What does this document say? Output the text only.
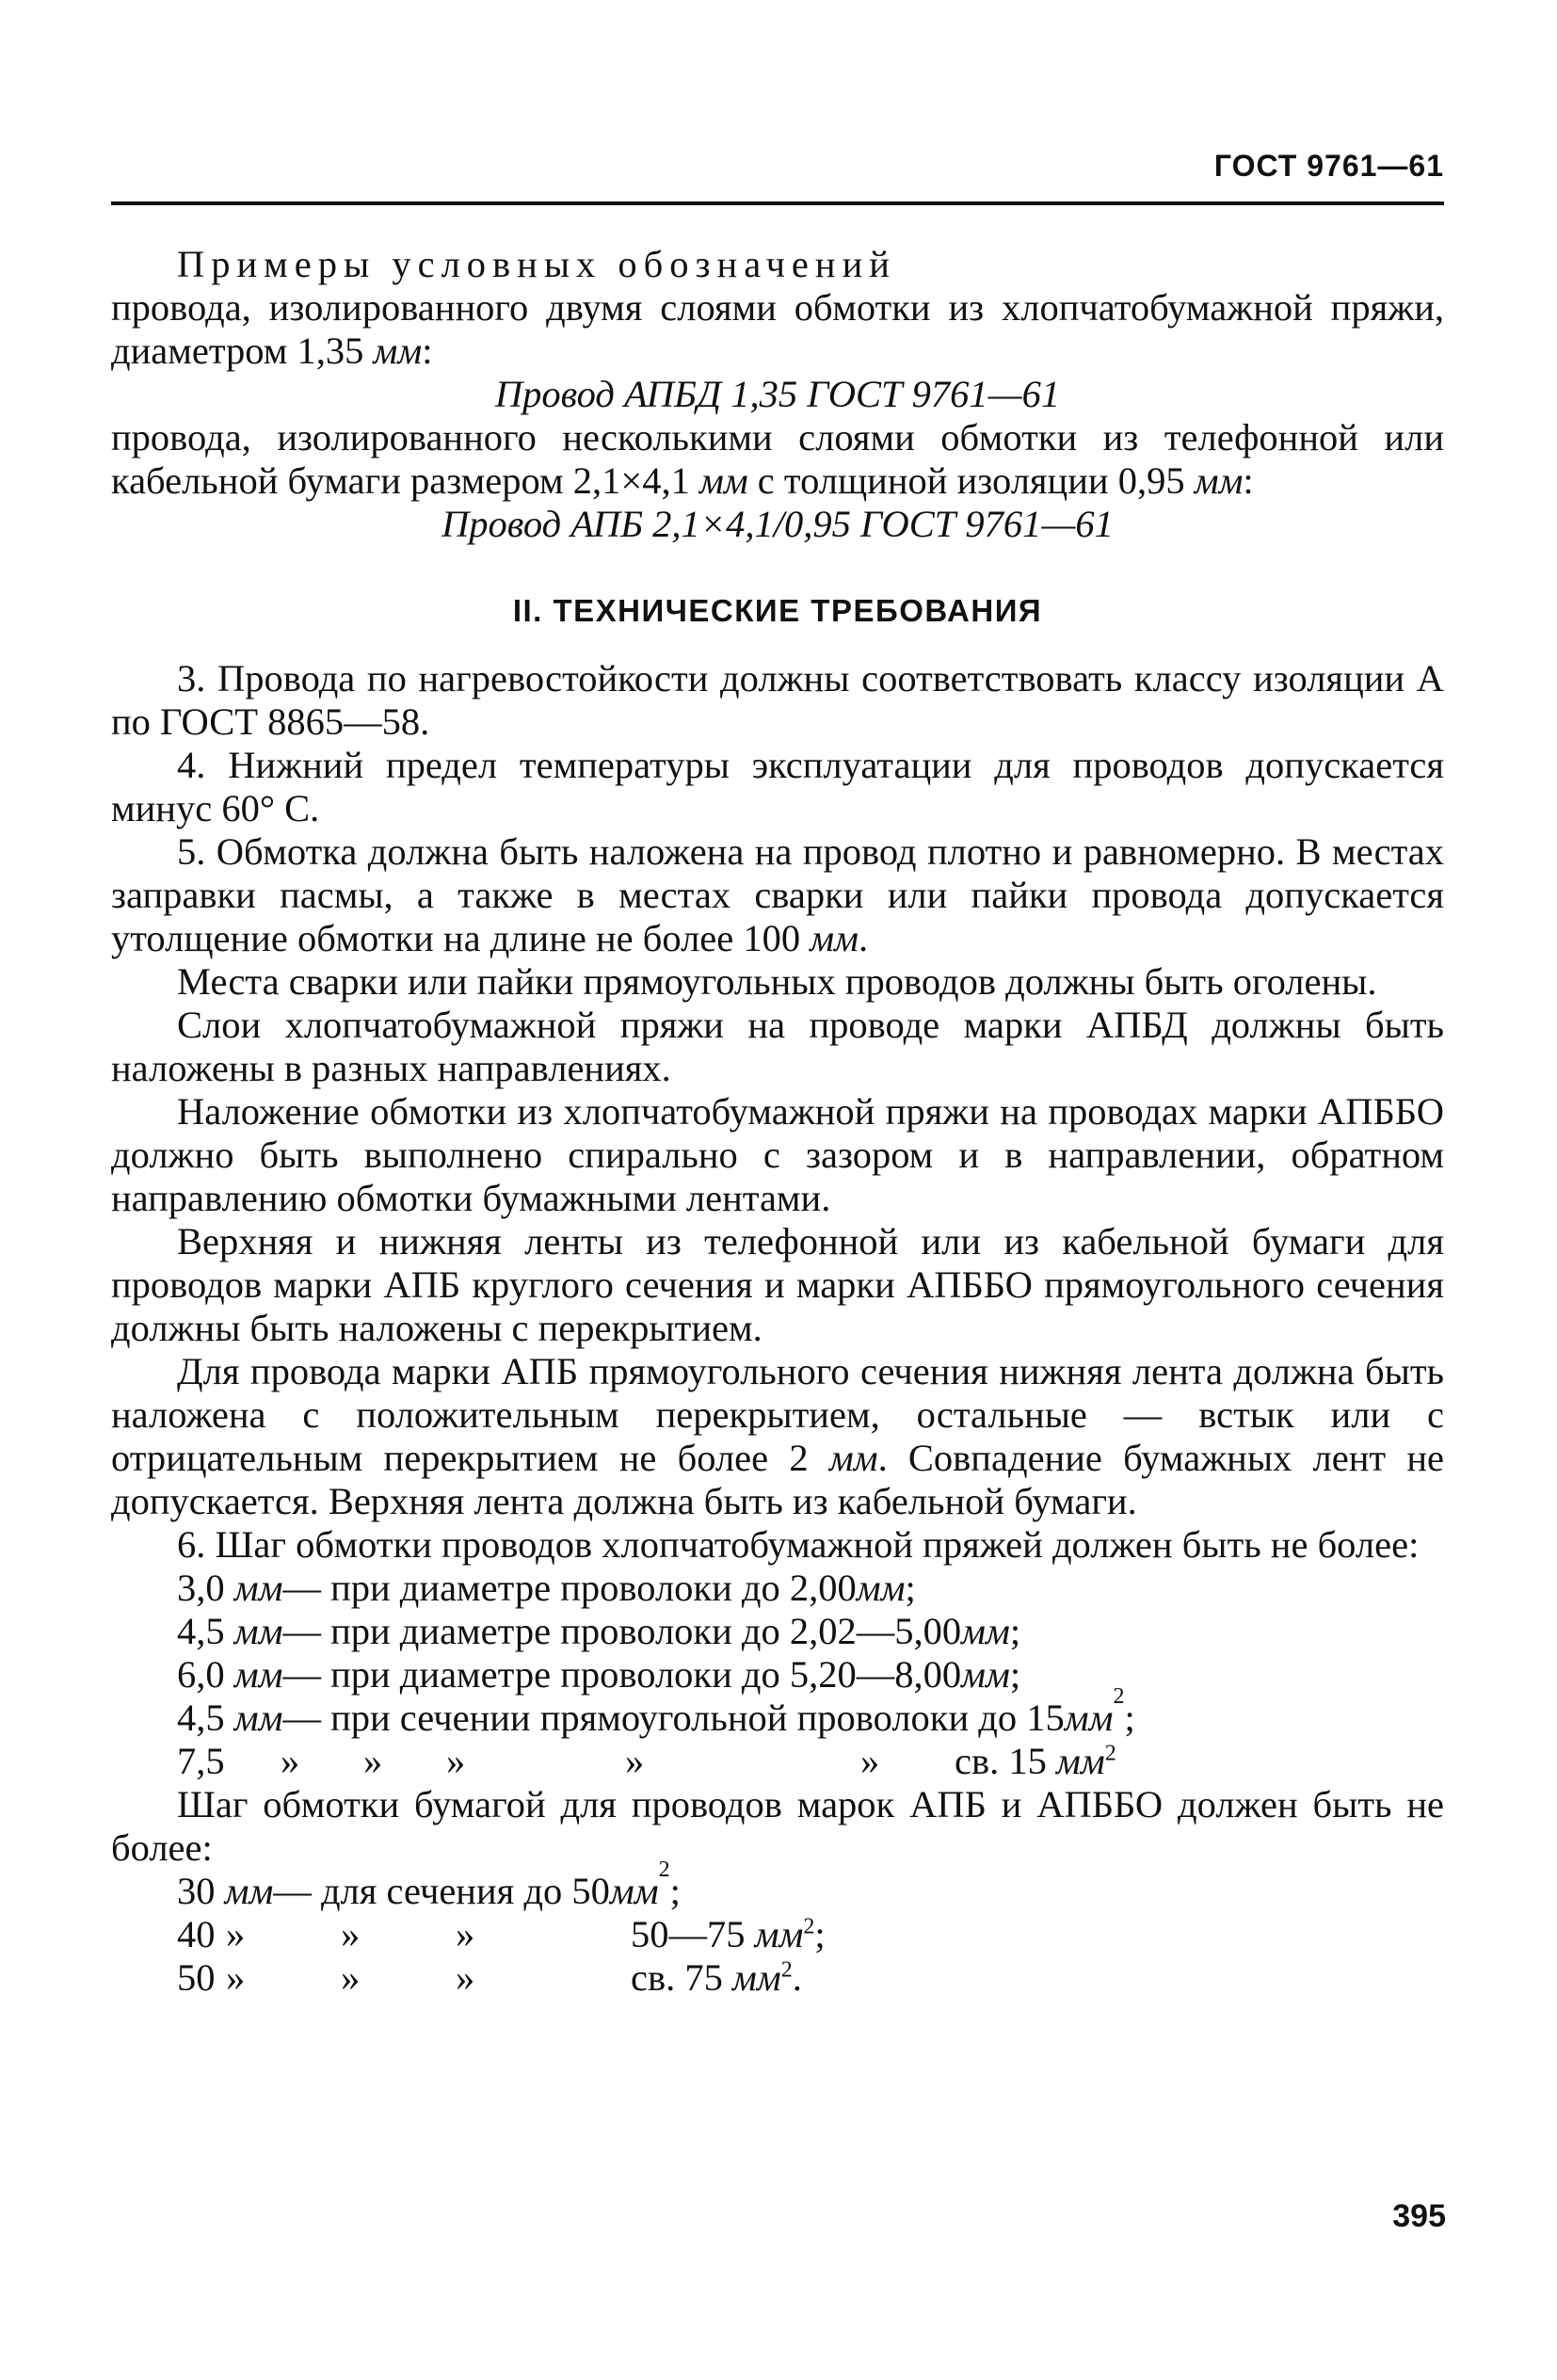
ГОСТ 9761—61

Примеры условных обозначений

провода, изолированного двумя слоями обмотки из хлопчатобумажной пряжи, диаметром 1,35 мм:

Провод АПБД 1,35 ГОСТ 9761—61

провода, изолированного несколькими слоями обмотки из телефонной или кабельной бумаги размером 2,1×4,1 мм с толщиной изоляции 0,95 мм:

Провод АПБ 2,1×4,1/0,95 ГОСТ 9761—61

II. ТЕХНИЧЕСКИЕ ТРЕБОВАНИЯ

3. Провода по нагревостойкости должны соответствовать классу изоляции А по ГОСТ 8865—58.

4. Нижний предел температуры эксплуатации для проводов допускается минус 60° С.

5. Обмотка должна быть наложена на провод плотно и равномерно. В местах заправки пасмы, а также в местах сварки или пайки провода допускается утолщение обмотки на длине не более 100 мм.

Места сварки или пайки прямоугольных проводов должны быть оголены.

Слои хлопчатобумажной пряжи на проводе марки АПБД должны быть наложены в разных направлениях.

Наложение обмотки из хлопчатобумажной пряжи на проводах марки АПББО должно быть выполнено спирально с зазором и в направлении, обратном направлению обмотки бумажными лентами.

Верхняя и нижняя ленты из телефонной или из кабельной бумаги для проводов марки АПБ круглого сечения и марки АПББО прямоугольного сечения должны быть наложены с перекрытием.

Для провода марки АПБ прямоугольного сечения нижняя лента должна быть наложена с положительным перекрытием, остальные — встык или с отрицательным перекрытием не более 2 мм. Совпадение бумажных лент не допускается. Верхняя лента должна быть из кабельной бумаги.

6. Шаг обмотки проводов хлопчатобумажной пряжей должен быть не более:

3,0
мм — при диаметре проволоки до 2,00 мм ;
4,5
мм — при диаметре проволоки до 2,02—5,00 мм ;
6,0
мм — при диаметре проволоки до 5,20—8,00 мм ;
4,5
мм — при сечении прямоугольной проволоки до 15 мм 2 ;
7,5	»	»	»	»	»	св. 15 $мм^2$

Шаг обмотки бумагой для проводов марок АПБ и АПББО должен быть не более:

30
мм — для сечения до 50 мм 2 ;
40 »	»	»	50—75 $мм^2$;
50 »	»	»	св. 75 $мм^2$.
395
